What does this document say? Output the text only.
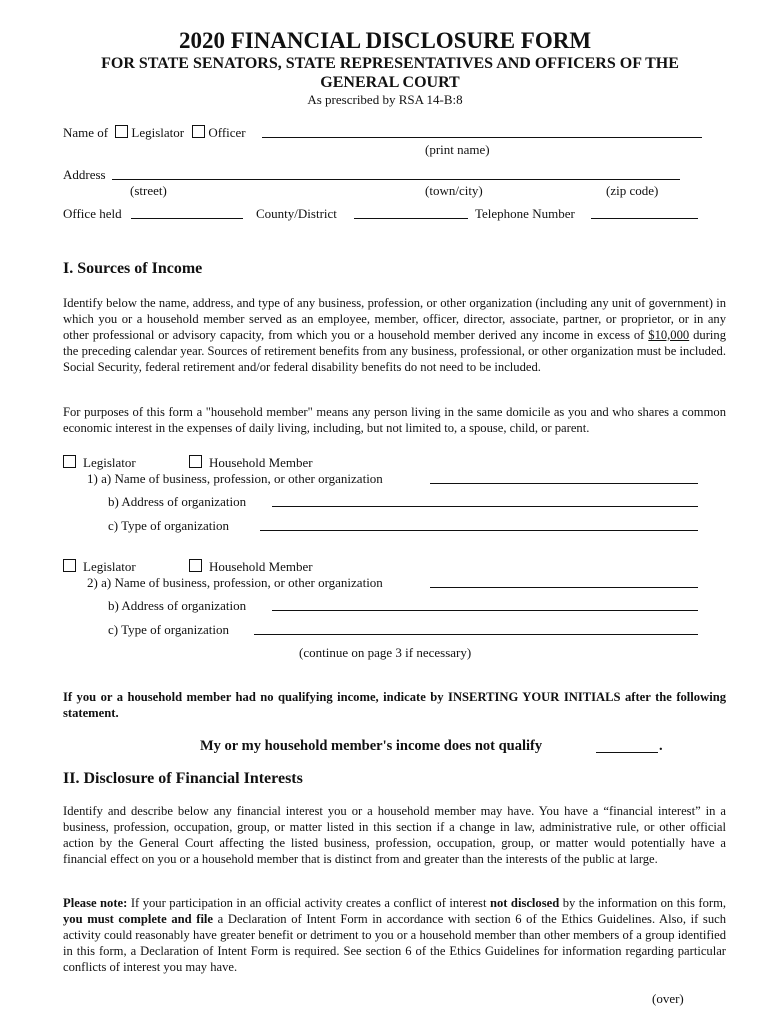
2020 FINANCIAL DISCLOSURE FORM
FOR STATE SENATORS, STATE REPRESENTATIVES AND OFFICERS OF THE GENERAL COURT
As prescribed by RSA 14-B:8
Name of Legislator Officer
(print name)
Address
(street)	(town/city)	(zip code)
Office held	County/District	Telephone Number
I. Sources of Income
Identify below the name, address, and type of any business, profession, or other organization (including any unit of government) in which you or a household member served as an employee, member, officer, director, associate, partner, or proprietor, or in any other professional or advisory capacity, from which you or a household member derived any income in excess of $10,000 during the preceding calendar year. Sources of retirement benefits from any business, professional, or other organization must be included. Social Security, federal retirement and/or federal disability benefits do not need to be included.
For purposes of this form a "household member" means any person living in the same domicile as you and who shares a common economic interest in the expenses of daily living, including, but not limited to, a spouse, child, or parent.
Legislator	Household Member
1) a) Name of business, profession, or other organization
b) Address of organization
c) Type of organization
Legislator	Household Member
2) a) Name of business, profession, or other organization
b) Address of organization
c) Type of organization
(continue on page 3 if necessary)
If you or a household member had no qualifying income, indicate by INSERTING YOUR INITIALS after the following statement.
My or my household member's income does not qualify	.
II. Disclosure of Financial Interests
Identify and describe below any financial interest you or a household member may have. You have a “financial interest” in a business, profession, occupation, group, or matter listed in this section if a change in law, administrative rule, or other official action by the General Court affecting the listed business, profession, occupation, group, or matter would potentially have a financial effect on you or a household member that is distinct from and greater than the interests of the public at large.
Please note: If your participation in an official activity creates a conflict of interest not disclosed by the information on this form, you must complete and file a Declaration of Intent Form in accordance with section 6 of the Ethics Guidelines. Also, if such activity could reasonably have greater benefit or detriment to you or a household member than other members of a group identified in this form, a Declaration of Intent Form is required. See section 6 of the Ethics Guidelines for information regarding particular conflicts of interest you may have.
(over)
